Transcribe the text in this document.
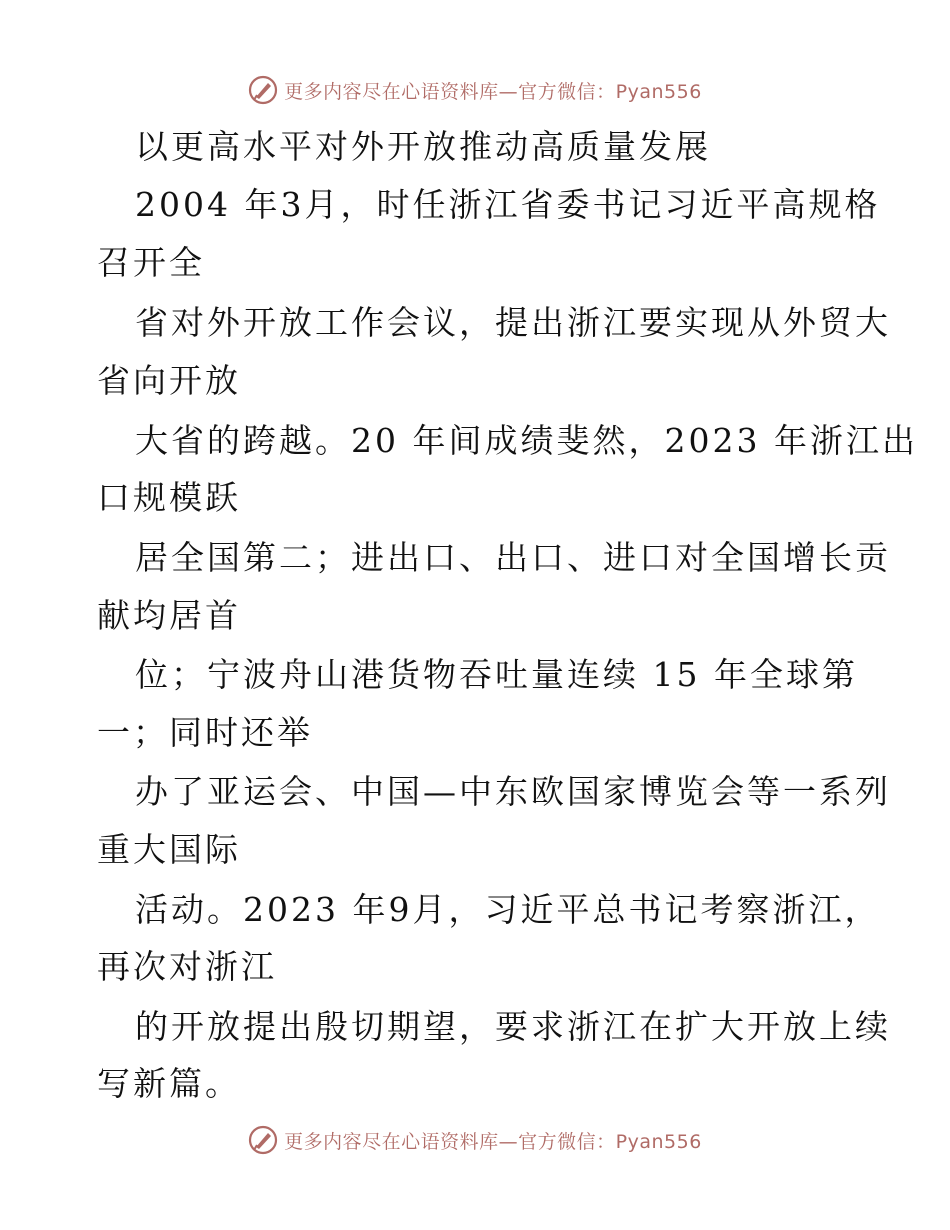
更多内容尽在心语资料库—官方微信：Pyan556
以更高水平对外开放推动高质量发展
2004 年3月，时任浙江省委书记习近平高规格
召开全
省对外开放工作会议，提出浙江要实现从外贸大
省向开放
大省的跨越。20 年间成绩斐然，2023 年浙江出
口规模跃
居全国第二；进出口、出口、进口对全国增长贡
献均居首
位；宁波舟山港货物吞吐量连续 15 年全球第
一；同时还举
办了亚运会、中国—中东欧国家博览会等一系列
重大国际
活动。2023 年9月，习近平总书记考察浙江，
再次对浙江
的开放提出殷切期望，要求浙江在扩大开放上续
写新篇。
更多内容尽在心语资料库—官方微信：Pyan556
